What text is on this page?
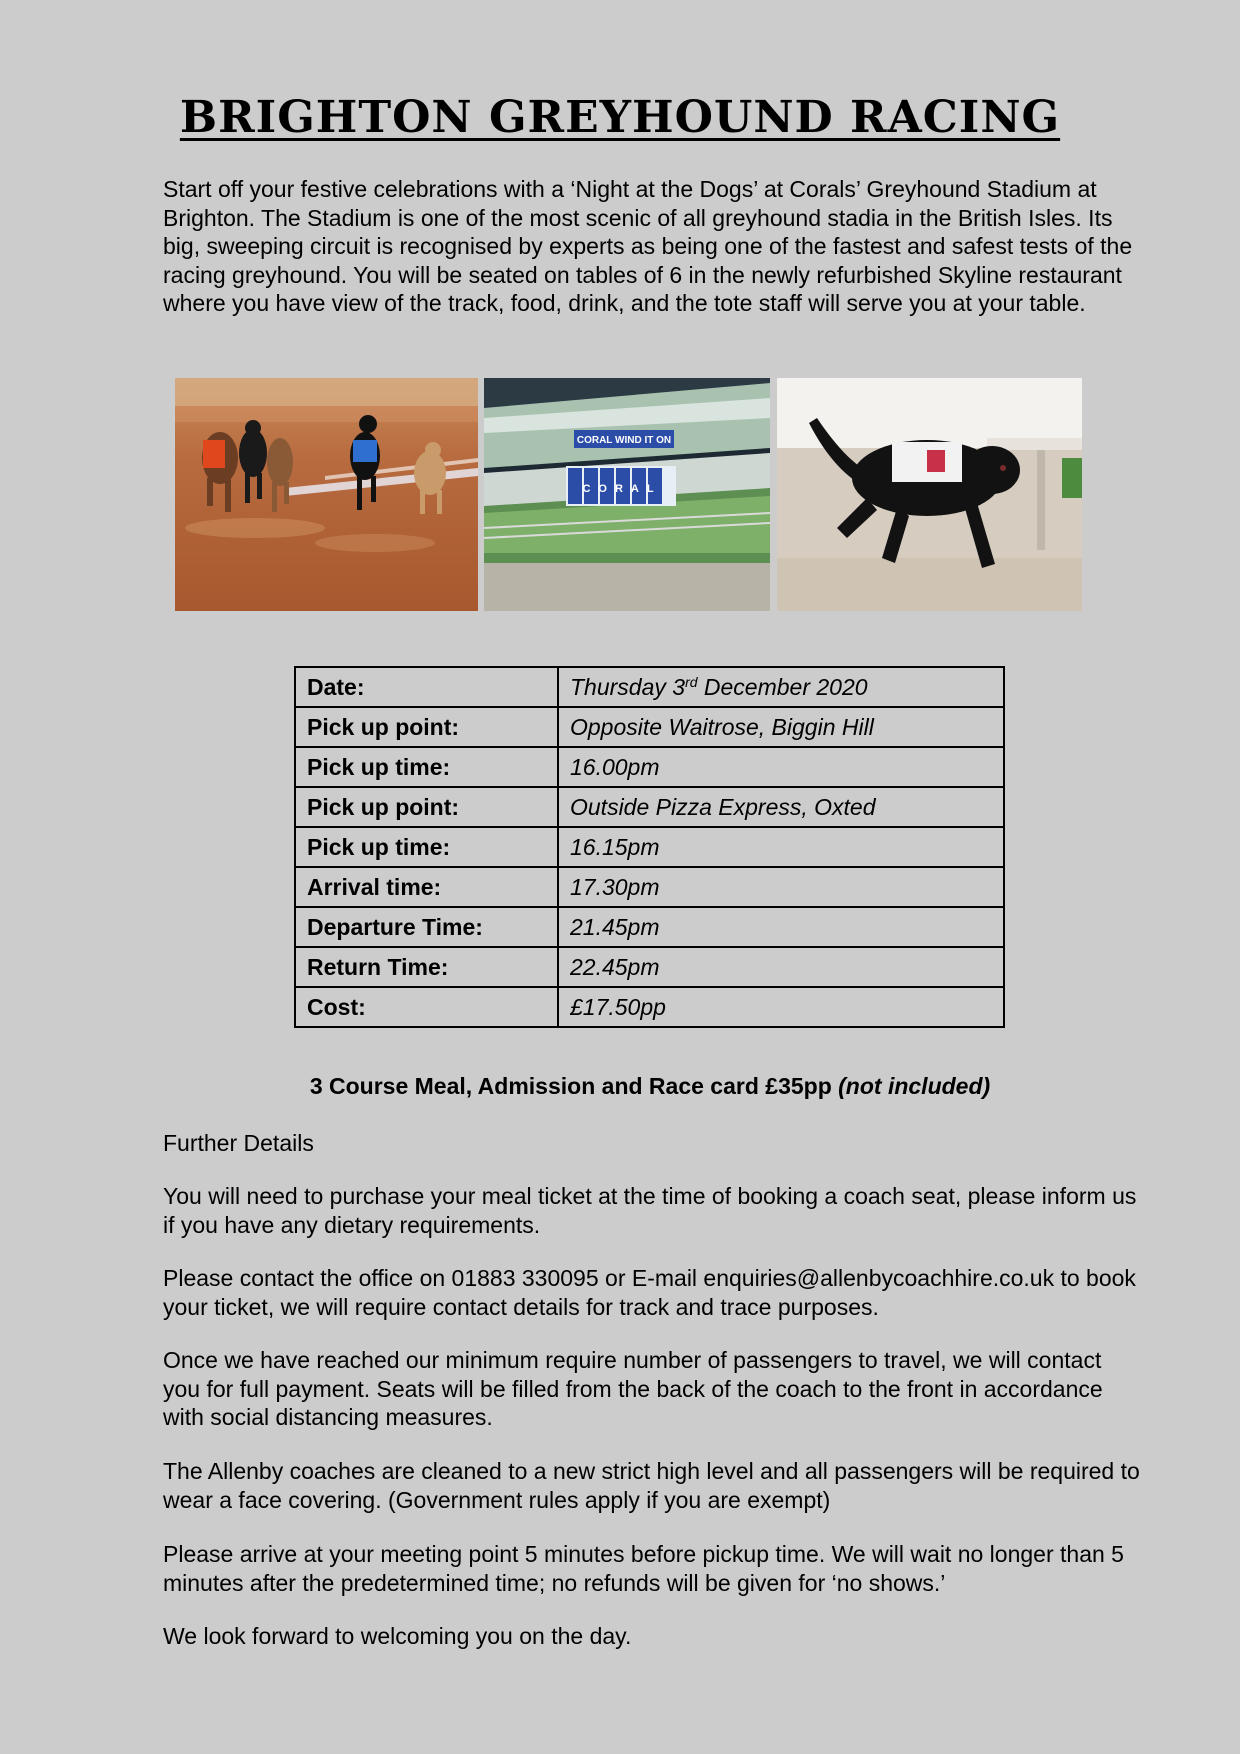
BRIGHTON GREYHOUND RACING
Start off your festive celebrations with a ‘Night at the Dogs’ at Corals’ Greyhound Stadium at Brighton. The Stadium is one of the most scenic of all greyhound stadia in the British Isles. Its big, sweeping circuit is recognised by experts as being one of the fastest and safest tests of the racing greyhound. You will be seated on tables of 6 in the newly refurbished Skyline restaurant where you have view of the track, food, drink, and the tote staff will serve you at your table.
CORAL WIND IT ON
CORAL
Date:	Thursday 3rd December 2020
Pick up point:	Opposite Waitrose, Biggin Hill
Pick up time:	16.00pm
Pick up point:	Outside Pizza Express, Oxted
Pick up time:	16.15pm
Arrival time:	17.30pm
Departure Time:	21.45pm
Return Time:	22.45pm
Cost:	£17.50pp
3 Course Meal, Admission and Race card £35pp (not included)
Further Details
You will need to purchase your meal ticket at the time of booking a coach seat, please inform us if you have any dietary requirements.
Please contact the office on 01883 330095 or E-mail enquiries@allenbycoachhire.co.uk to book your ticket, we will require contact details for track and trace purposes.
Once we have reached our minimum require number of passengers to travel, we will contact you for full payment. Seats will be filled from the back of the coach to the front in accordance with social distancing measures.
The Allenby coaches are cleaned to a new strict high level and all passengers will be required to wear a face covering. (Government rules apply if you are exempt)
Please arrive at your meeting point 5 minutes before pickup time. We will wait no longer than 5 minutes after the predetermined time; no refunds will be given for ‘no shows.’
We look forward to welcoming you on the day.
